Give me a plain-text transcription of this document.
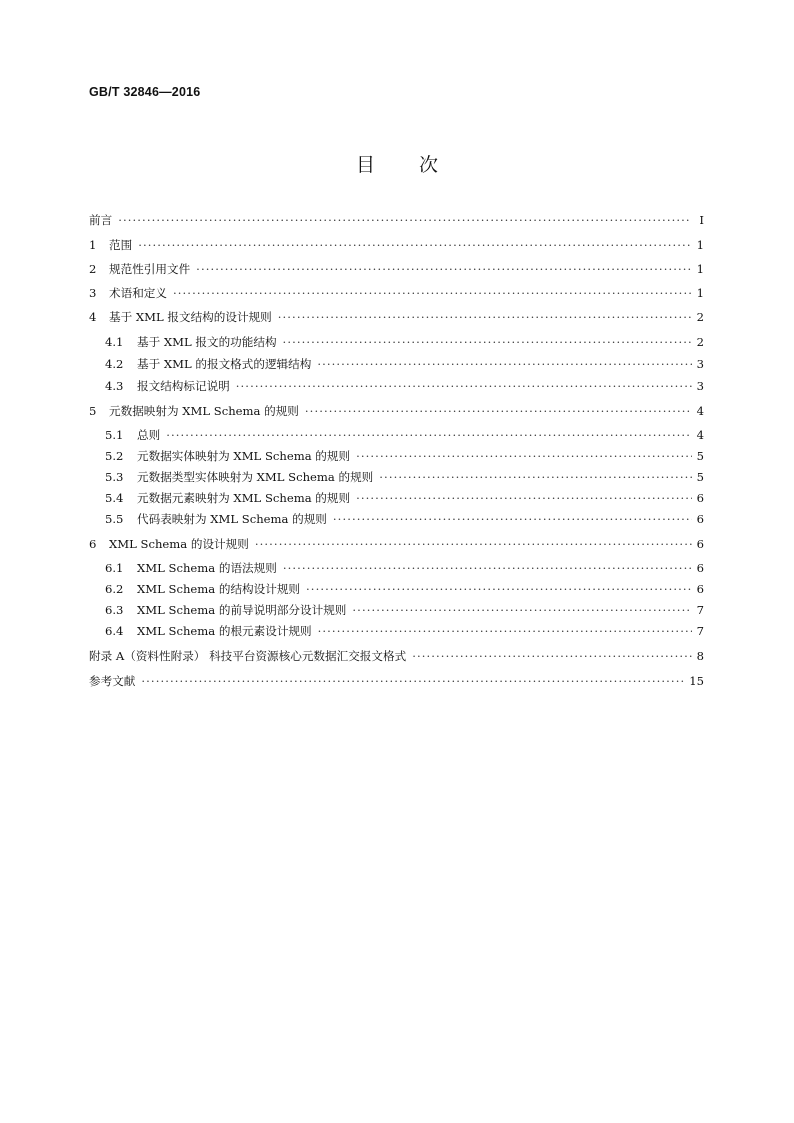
GB/T 32846—2016
目 次
前言 · · ·	Ⅰ
1 范围 · · ·	1
2 规范性引用文件 · · ·	1
3 术语和定义 · · ·	1
4 基于 XML 报文结构的设计规则 · · ·	2
4.1 基于 XML 报文的功能结构 · · ·	2
4.2 基于 XML 的报文格式的逻辑结构 · · ·	3
4.3 报文结构标记说明 · · ·	3
5 元数据映射为 XML Schema 的规则 · · ·	4
5.1 总则 · · ·	4
5.2 元数据实体映射为 XML Schema 的规则 · · ·	5
5.3 元数据类型实体映射为 XML Schema 的规则 · · ·	5
5.4 元数据元素映射为 XML Schema 的规则 · · ·	6
5.5 代码表映射为 XML Schema 的规则 · · ·	6
6 XML Schema 的设计规则 · · ·	6
6.1 XML Schema 的语法规则 · · ·	6
6.2 XML Schema 的结构设计规则 · · ·	6
6.3 XML Schema 的前导说明部分设计规则 · · ·	7
6.4 XML Schema 的根元素设计规则 · · ·	7
附录 A（资料性附录） 科技平台资源核心元数据汇交报文格式 · · ·	8
参考文献 · · ·	15
